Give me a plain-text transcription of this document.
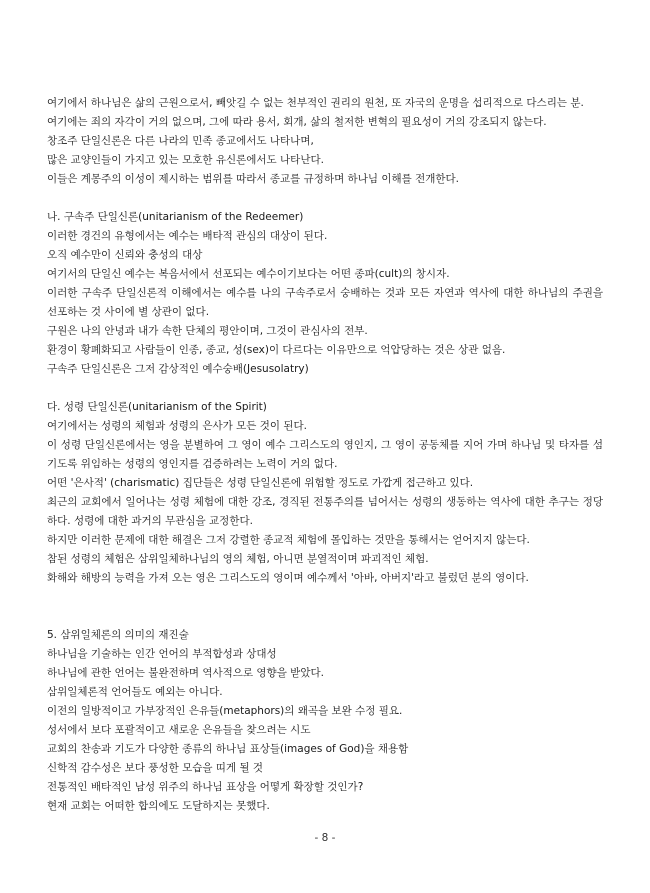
여기에서 하나님은 삶의 근원으로서, 빼앗길 수 없는 천부적인 권리의 원천, 또 자국의 운명을 섭리적으로 다스리는 분.

여기에는 죄의 자각이 거의 없으며, 그에 따라 용서, 회개, 삶의 철저한 변혁의 필요성이 거의 강조되지 않는다.

창조주 단일신론은 다른 나라의 민족 종교에서도 나타나며,

많은 교양인들이 가지고 있는 모호한 유신론에서도 나타난다.

이들은 계몽주의 이성이 제시하는 범위를 따라서 종교를 규정하며 하나님 이해를 전개한다.

나. 구속주 단일신론(unitarianism of the Redeemer)

이러한 경건의 유형에서는 예수는 배타적 관심의 대상이 된다.

오직 예수만이 신뢰와 충성의 대상

여기서의 단일신 예수는 복음서에서 선포되는 예수이기보다는 어떤 종파(cult)의 창시자.

이러한 구속주 단일신론적 이해에서는 예수를 나의 구속주로서 숭배하는 것과 모든 자연과 역사에 대한 하나님의 주권을 선포하는 것 사이에 별 상관이 없다.

구원은 나의 안녕과 내가 속한 단체의 평안이며, 그것이 관심사의 전부.

환경이 황폐화되고 사람들이 인종, 종교, 성(sex)이 다르다는 이유만으로 억압당하는 것은 상관 없음.

구속주 단일신론은 그저 감상적인 예수숭배(Jesusolatry)

다. 성령 단일신론(unitarianism of the Spirit)

여기에서는 성령의 체험과 성령의 은사가 모든 것이 된다.

이 성령 단일신론에서는 영을 분별하여 그 영이 예수 그리스도의 영인지, 그 영이 공동체를 지어 가며 하나님 및 타자를 섬기도록 위임하는 성령의 영인지를 검증하려는 노력이 거의 없다.

어떤 '은사적' (charismatic) 집단들은 성령 단일신론에 위험할 정도로 가깝게 접근하고 있다.

최근의 교회에서 일어나는 성령 체험에 대한 강조, 경직된 전통주의를 넘어서는 성령의 생동하는 역사에 대한 추구는 정당하다. 성령에 대한 과거의 무관심을 교정한다.

하지만 이러한 문제에 대한 해결은 그저 강렬한 종교적 체험에 몰입하는 것만을 통해서는 얻어지지 않는다.

참된 성령의 체험은 삼위일체하나님의 영의 체험, 아니면 분열적이며 파괴적인 체험.

화해와 해방의 능력을 가져 오는 영은 그리스도의 영이며 예수께서 '아바, 아버지'라고 불렀던 분의 영이다.

5. 삼위일체론의 의미의 재진술

하나님을 기술하는 인간 언어의 부적합성과 상대성

하나님에 관한 언어는 불완전하며 역사적으로 영향을 받았다.

삼위일체론적 언어들도 예외는 아니다.

이전의 일방적이고 가부장적인 은유들(metaphors)의 왜곡을 보완 수정 필요.

성서에서 보다 포괄적이고 새로운 은유들을 찾으려는 시도

교회의 찬송과 기도가 다양한 종류의 하나님 표상들(images of God)을 채용함

신학적 감수성은 보다 풍성한 모습을 띠게 될 것

전통적인 배타적인 남성 위주의 하나님 표상을 어떻게 확장할 것인가?

현재 교회는 어떠한 합의에도 도달하지는 못했다.

- 8 -
